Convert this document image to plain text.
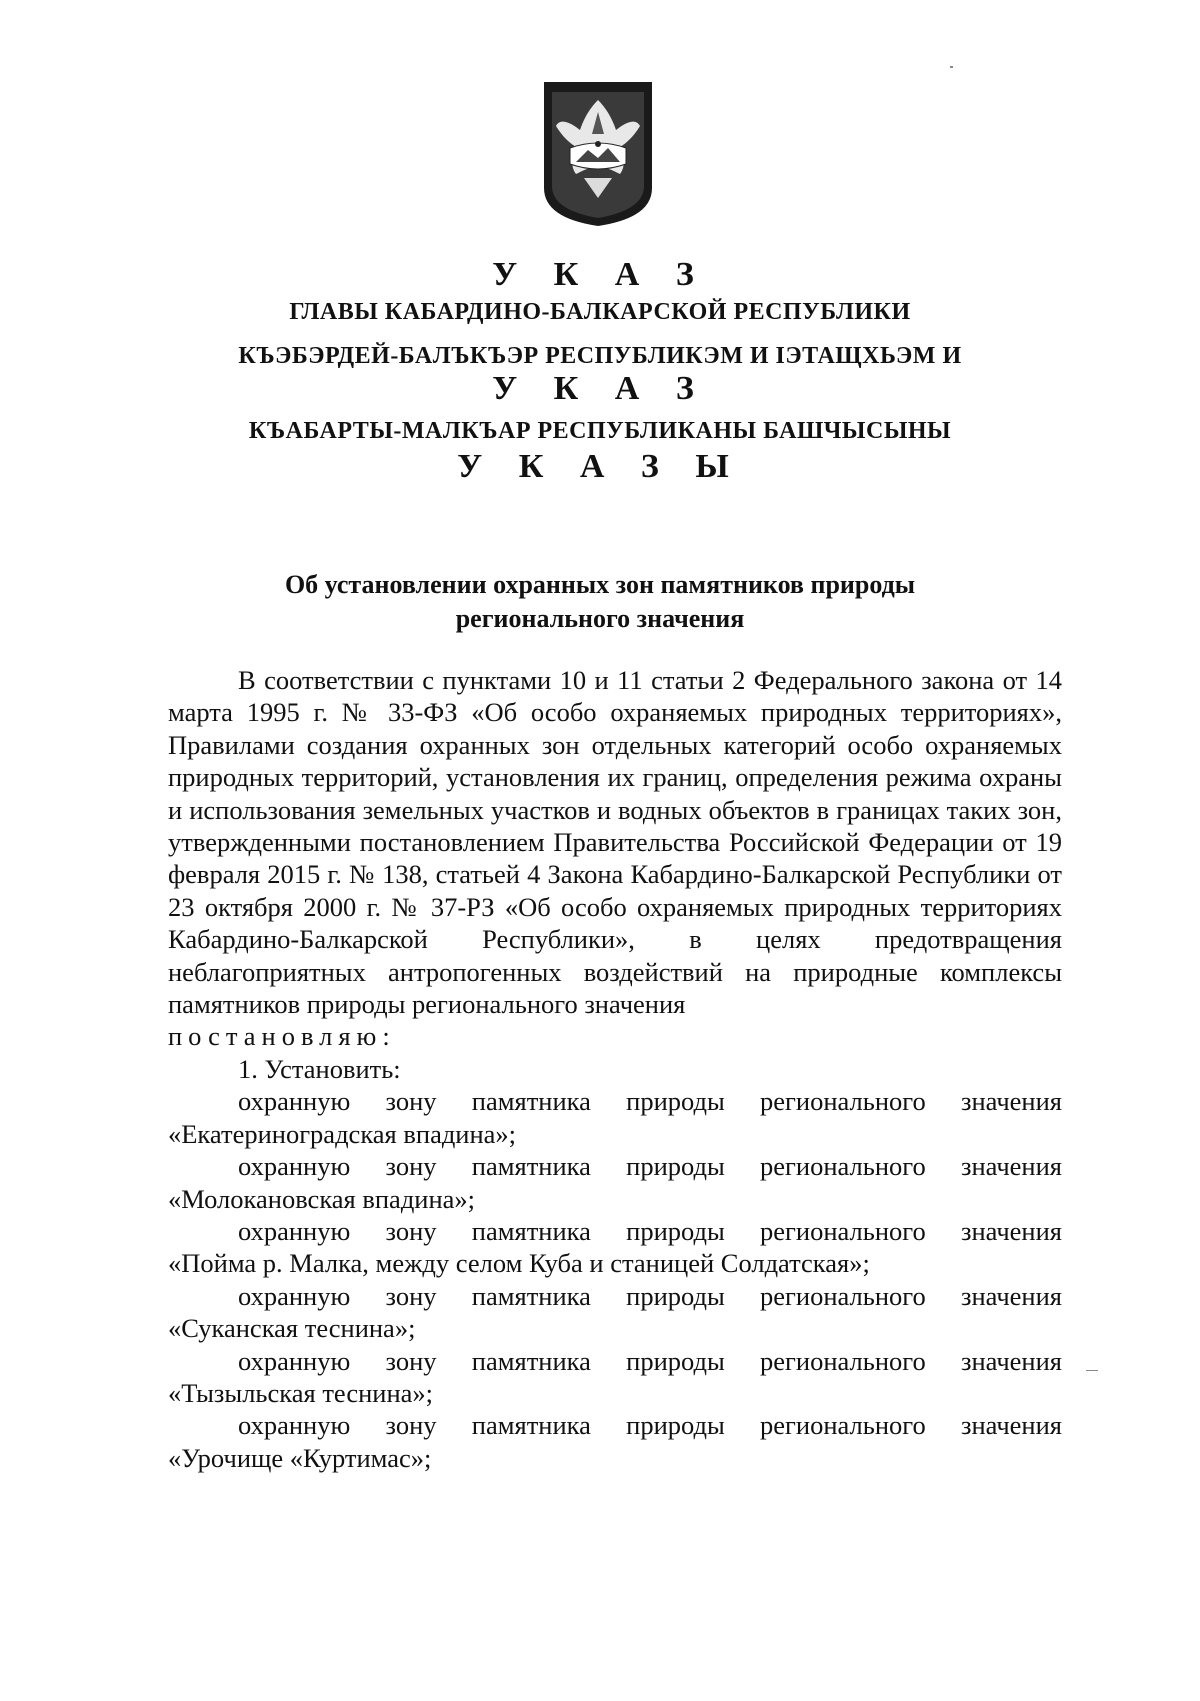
У К А З
ГЛАВЫ КАБАРДИНО-БАЛКАРСКОЙ РЕСПУБЛИКИ
КЪЭБЭРДЕЙ-БАЛЪКЪЭР РЕСПУБЛИКЭМ И IЭТАЩХЬЭМ И
У К А З
КЪАБАРТЫ-МАЛКЪАР РЕСПУБЛИКАНЫ БАШЧЫСЫНЫ
У К А З Ы
Об установлении охранных зон памятников природы
регионального значения

В соответствии с пунктами 10 и 11 статьи 2 Федерального закона от 14 марта 1995 г. № 33-ФЗ «Об особо охраняемых природных территориях», Правилами создания охранных зон отдельных категорий особо охраняемых природных территорий, установления их границ, определения режима охраны и использования земельных участков и водных объектов в границах таких зон, утвержденными постановлением Правительства Российской Федерации от 19 февраля 2015 г. № 138, статьей 4 Закона Кабардино-Балкарской Республики от 23 октября 2000 г. № 37-РЗ «Об особо охраняемых природных территориях Кабардино-Балкарской Республики», в целях предотвращения неблагоприятных антропогенных воздействий на природные комплексы памятников природы регионального значения

постановляю:

1. Установить:

охранную зону памятника природы регионального значения
«Екатериноградская впадина»;

охранную зону памятника природы регионального значения
«Молокановская впадина»;

охранную зону памятника природы регионального значения
«Пойма р. Малка, между селом Куба и станицей Солдатская»;

охранную зону памятника природы регионального значения
«Суканская теснина»;

охранную зону памятника природы регионального значения
«Тызыльская теснина»;

охранную зону памятника природы регионального значения
«Урочище «Куртимас»;
